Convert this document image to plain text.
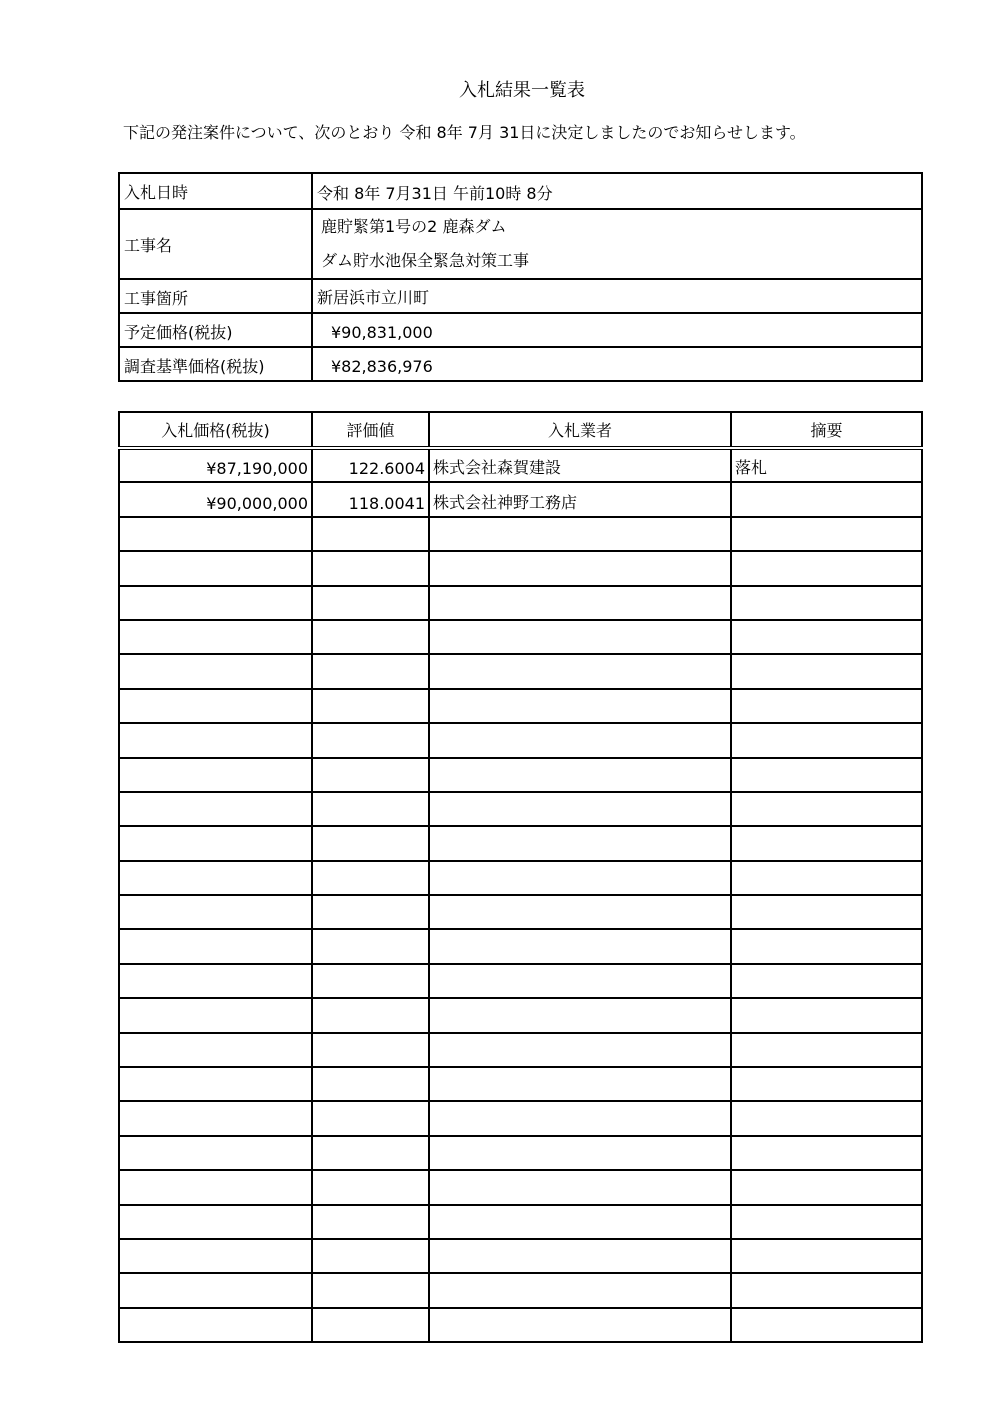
入札結果一覧表
下記の発注案件について、次のとおり 令和 8年 7月 31日に決定しましたのでお知らせします。
入札日時	令和 8年 7月31日 午前10時 8分
工事名	鹿貯緊第1号の2 鹿森ダム
ダム貯水池保全緊急対策工事

工事箇所	新居浜市立川町
予定価格(税抜)	¥90,831,000
調査基準価格(税抜)	¥82,836,976
入札価格(税抜)	評価値	入札業者	摘要
¥87,190,000	122.6004	株式会社森賀建設	落札
¥90,000,000	118.0041	株式会社神野工務店	
